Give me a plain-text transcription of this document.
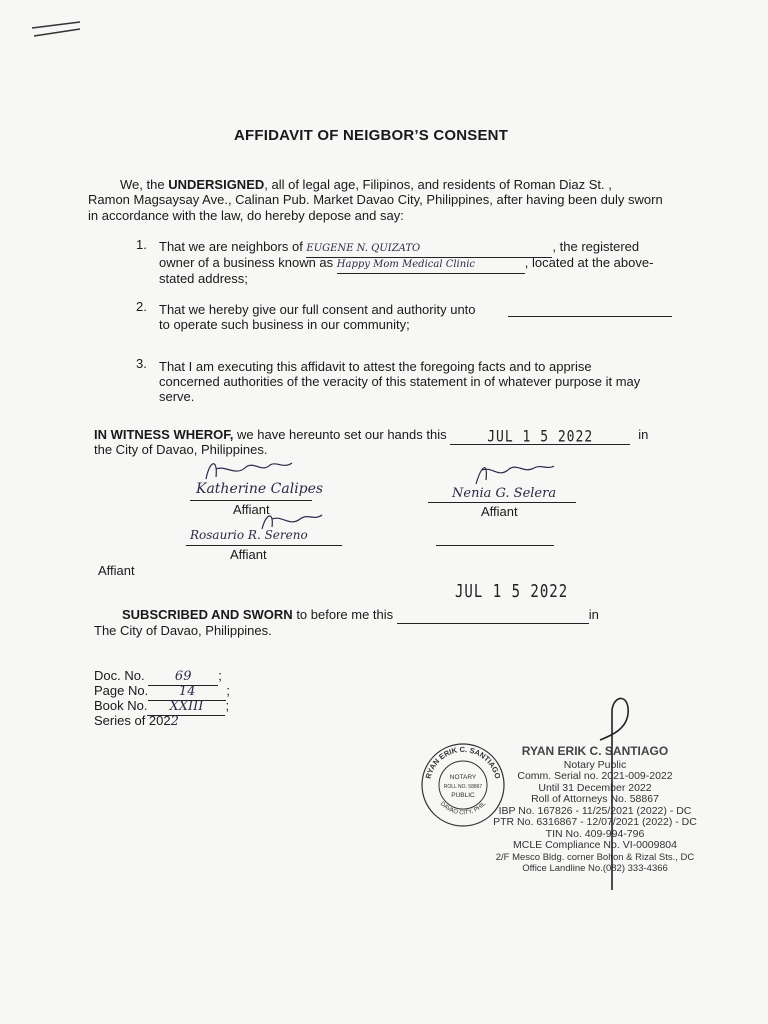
AFFIDAVIT OF NEIGBOR’S CONSENT
We, the UNDERSIGNED, all of legal age, Filipinos, and residents of Roman Diaz St. ,
Ramon Magsaysay Ave., Calinan Pub. Market Davao City, Philippines, after having been duly sworn
in accordance with the law, do hereby depose and say:
1. That we are neighbors of EUGENE N. QUIZATO	, the registered
owner of a business known as Happy Mom Medical Clinic	, located at the above-
stated address;
2. That we hereby give our full consent and authority unto
to operate such business in our community;
3. That I am executing this affidavit to attest the foregoing facts and to apprise
concerned authorities of the veracity of this statement in of whatever purpose it may
serve.
IN WITNESS WHEROF, we have hereunto set our hands this	JUL 1 5 2022	in
the City of Davao, Philippines.
Katherine Calipes
Affiant
Nenia G. Selera
Affiant
Rosaurio R. Sereno
Affiant
Affiant
JUL 1 5 2022
SUBSCRIBED AND SWORN to before me this	in
The City of Davao, Philippines.
Doc. No. 69 ;
Page No. 14 ;
Book No. XXIII ;
Series of 2022
RYAN ERIK C. SANTIAGO
DAVAO CITY, PHIL
NOTARY
ROLL NO. 58867
PUBLIC
RYAN ERIK C. SANTIAGO
Notary Public
Comm. Serial no. 2021-009-2022
Until 31 December 2022
Roll of Attorneys No. 58867
IBP No. 167826 - 11/25/2021 (2022) - DC
PTR No. 6316867 - 12/07/2021 (2022) - DC
TIN No. 409-994-796
MCLE Compliance No. VI-0009804
2/F Mesco Bldg. corner Bolton & Rizal Sts., DC
Office Landline No.(082) 333-4366
